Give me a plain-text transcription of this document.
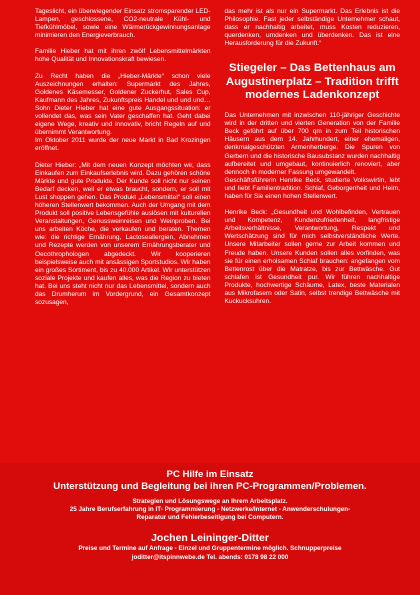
Tageslicht, ein überwiegender Einsatz stromsparender LED-Lampen, geschlossene, CO2-neutrale Kühl- und Tiefkühlmöbel, sowie eine Wärmerückgewinnungsanlage minimieren den Energieverbrauch.

Familie Hieber hat mit ihren zwölf Lebensmittelmärkten hohe Qualität und Innovationskraft bewiesen.

Zu Recht haben die „Hieber-Märkte“ schon viele Auszeichnungen erhalten: Supermarkt des Jahres, Goldenes Käsemesser, Goldener Zuckerhut, Sales Cup, Kaufmann des Jahres, Zukunftspreis Handel und und und… Sohn Dieter Hieber hat eine gute Ausgangssituation: er vollendet das, was sein Vater geschaffen hat. Geht dabei eigene Wege, kreativ und innovativ, bricht Regeln auf und übernimmt Verantwortung.

Im Oktober 2011 wurde der neue Markt in Bad Krozingen eröffnet.

Dieter Hieber: „Mit dem neuen Konzept möchten wir, dass Einkaufen zum Einkaufserlebnis wird. Dazu gehören schöne Märkte und gute Produkte. Der Kunde soll nicht nur seinen Bedarf decken, weil er etwas braucht, sondern, er soll mit Lust shoppen gehen. Das Produkt „Lebensmittel“ soll einen höheren Stellenwert bekommen. Auch der Umgang mit dem Produkt soll positive Lebensgefühle auslösen mit kulturellen Veranstaltungen, Genussweinreisen und Weinproben. Bei uns arbeiten Köche, die verkaufen und beraten. Themen wie: die richtige Ernährung, Lactoseallergien, Abnehmen und Rezepte werden von unserem Ernährungsberater und Oecothrophologen abgedeckt. Wir kooperieren beispielsweise auch mit ansässigen Sportstudios. Wir haben ein großes Sortiment, bis zu 40.000 Artikel. Wir unterstützen soziale Projekte und kaufen alles, was die Region zu bieten hat. Bei uns steht nicht nur das Lebensmittel, sondern auch das Drumherum im Vordergrund, ein Gesamtkonzept sozusagen,

das mehr ist als nur ein Supermarkt. Das Erlebnis ist die Philosophie. Fast jeder selbständige Unternehmer schaut, dass er nachhaltig arbeitet, muss Kosten reduzieren, querdenken, umdenken und überdenken. Das ist eine Herausforderung für die Zukunft.“

Stiegeler – Das Bettenhaus am Augustinerplatz – Tradition trifft modernes Ladenkonzept

Das Unternehmen mit inzwischen 110-jähriger Geschichte wird in der dritten und vierten Generation von der Familie Beck geführt auf über 700 qm in zum Teil historischen Häusern aus dem 14. Jahrhundert, einer ehemaligen, denkmalgeschützten Armenherberge. Die Spuren von Gerbern und die historische Bausubstanz wurden nachhaltig aufbereitet und umgebaut, kontinuierlich renoviert, aber dennoch in moderner Fassung umgewandelt.

Geschäftsführerin Henrike Beck, studierte Volkswirtin, lebt und liebt Familientradition. Schlaf, Geborgenheit und Heim, haben für Sie einen hohen Stellenwert.

Henrike Beck: „Gesundheit und Wohlbefinden, Vertrauen und Kompetenz, Kundenzufriedenheit, langfristige Arbeitsverhältnisse, Verantwortung, Respekt und Wertschätzung sind für mich selbstverständliche Werte. Unsere Mitarbeiter sollen gerne zur Arbeit kommen und Freude haben. Unsere Kunden sollen alles vorfinden, was sie für einen erholsamen Schlaf brauchen: angefangen vom Bettenrost über die Matratze, bis zur Bettwäsche. Gut schlafen ist Gesundheit pur. Wir führen nachhaltige Produkte, hochwertige Schäume, Latex, beste Materialen aus Mikrofasern oder Satin, selbst trendige Bettwäsche mit Kuckucksuhren.

PC Hilfe im Einsatz
Unterstützung und Begleitung bei ihren PC-Programmen/Problemen.
Strategien und Lösungswege an Ihrem Arbeitsplatz.
25 Jahre Berufserfahrung in IT- Programmierung - Netzwerke/Internet - Anwenderschulungen-
Reparatur und Fehlerbeseitigung bei Computern.
Jochen Leininger-Ditter
Preise und Termine auf Anfrage - Einzel und Gruppentermine möglich. Schnupperpreise
joditter@itspinnwebe.de Tel. abends: 0178 98 22 000
